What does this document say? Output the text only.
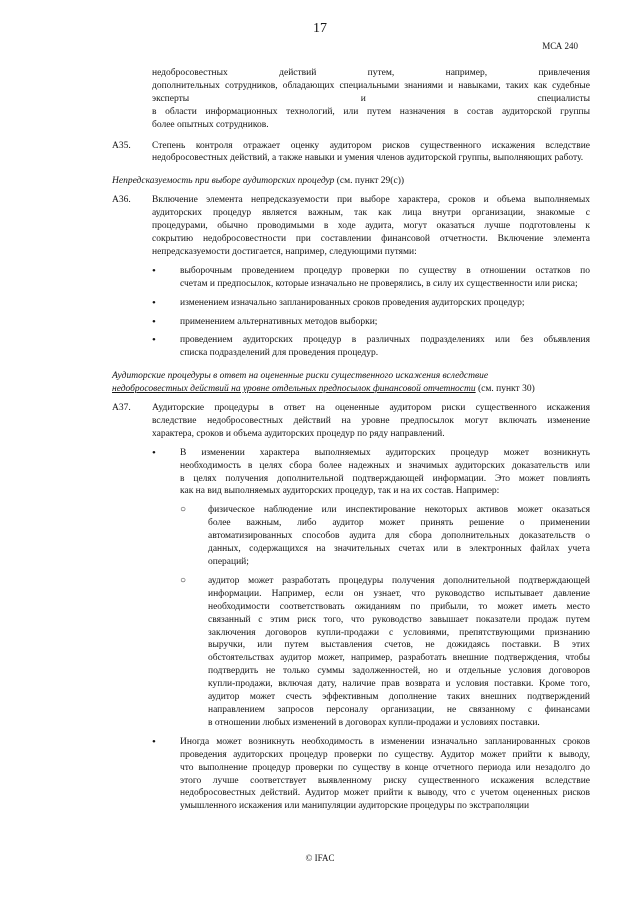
17
МСА 240

недобросовестных действий путем, например, привлечения
дополнительных сотрудников, обладающих специальными знаниями и навыками, таких как судебные эксперты и специалисты
в области информационных технологий, или путем назначения в состав аудиторской группы
более опытных сотрудников.

A35. Степень контроля отражает оценку аудитором рисков существенного искажения вследствие
недобросовестных действий, а также навыки и умения членов аудиторской группы, выполняющих работу.

Непредсказуемость при выборе аудиторских процедур (см. пункт 29(с))

A36. Включение элемента непредсказуемости при выборе характера, сроков и объема выполняемых
аудиторских процедур является важным, так как лица внутри организации, знакомые с
процедурами, обычно проводимыми в ходе аудита, могут оказаться лучше подготовлены к
сокрытию недобросовестности при составлении финансовой отчетности. Включение элемента
непредсказуемости достигается, например, следующими путями:

•	выборочным проведением процедур проверки по существу в отношении остатков по
счетам и предпосылок, которые изначально не проверялись, в силу их существенности или риска;

•	изменением изначально запланированных сроков проведения аудиторских процедур;

•	применением альтернативных методов выборки;

•	проведением аудиторских процедур в различных подразделениях или без объявления
списка подразделений для проведения процедур.

Аудиторские процедуры в ответ на оцененные риски существенного искажения вследствие
недобросовестных действий на уровне отдельных предпосылок финансовой отчетности (см. пункт 30)

A37. Аудиторские процедуры в ответ на оцененные аудитором риски существенного искажения
вследствие недобросовестных действий на уровне предпосылок могут включать изменение
характера, сроков и объема аудиторских процедур по ряду направлений.

•	В изменении характера выполняемых аудиторских процедур может возникнуть
необходимость в целях сбора более надежных и значимых аудиторских доказательств или
в целях получения дополнительной подтверждающей информации. Это может повлиять
как на вид выполняемых аудиторских процедур, так и на их состав. Например:

○ физическое наблюдение или инспектирование некоторых активов может оказаться
более важным, либо аудитор может принять решение о применении
автоматизированных способов аудита для сбора дополнительных доказательств о
данных, содержащихся на значительных счетах или в электронных файлах учета
операций;

○ аудитор может разработать процедуры получения дополнительной подтверждающей
информации. Например, если он узнает, что руководство испытывает давление
необходимости соответствовать ожиданиям по прибыли, то может иметь место
связанный с этим риск того, что руководство завышает показатели продаж путем
заключения договоров купли-продажи с условиями, препятствующими признанию
выручки, или путем выставления счетов, не дожидаясь поставки. В этих
обстоятельствах аудитор может, например, разработать внешние подтверждения, чтобы
подтвердить не только суммы задолженностей, но и отдельные условия договоров
купли-продажи, включая дату, наличие прав возврата и условия поставки. Кроме того,
аудитор может счесть эффективным дополнение таких внешних подтверждений
направлением запросов персоналу организации, не связанному с финансами
в отношении любых изменений в договорах купли-продажи и условиях поставки.

•	Иногда может возникнуть необходимость в изменении изначально запланированных сроков
проведения аудиторских процедур проверки по существу. Аудитор может прийти к выводу,
что выполнение процедур проверки по существу в конце отчетного периода или незадолго до
этого лучше соответствует выявленному риску существенного искажения вследствие
недобросовестных действий. Аудитор может прийти к выводу, что с учетом оцененных рисков
умышленного искажения или манипуляции аудиторские процедуры по экстраполяции

© IFAC
